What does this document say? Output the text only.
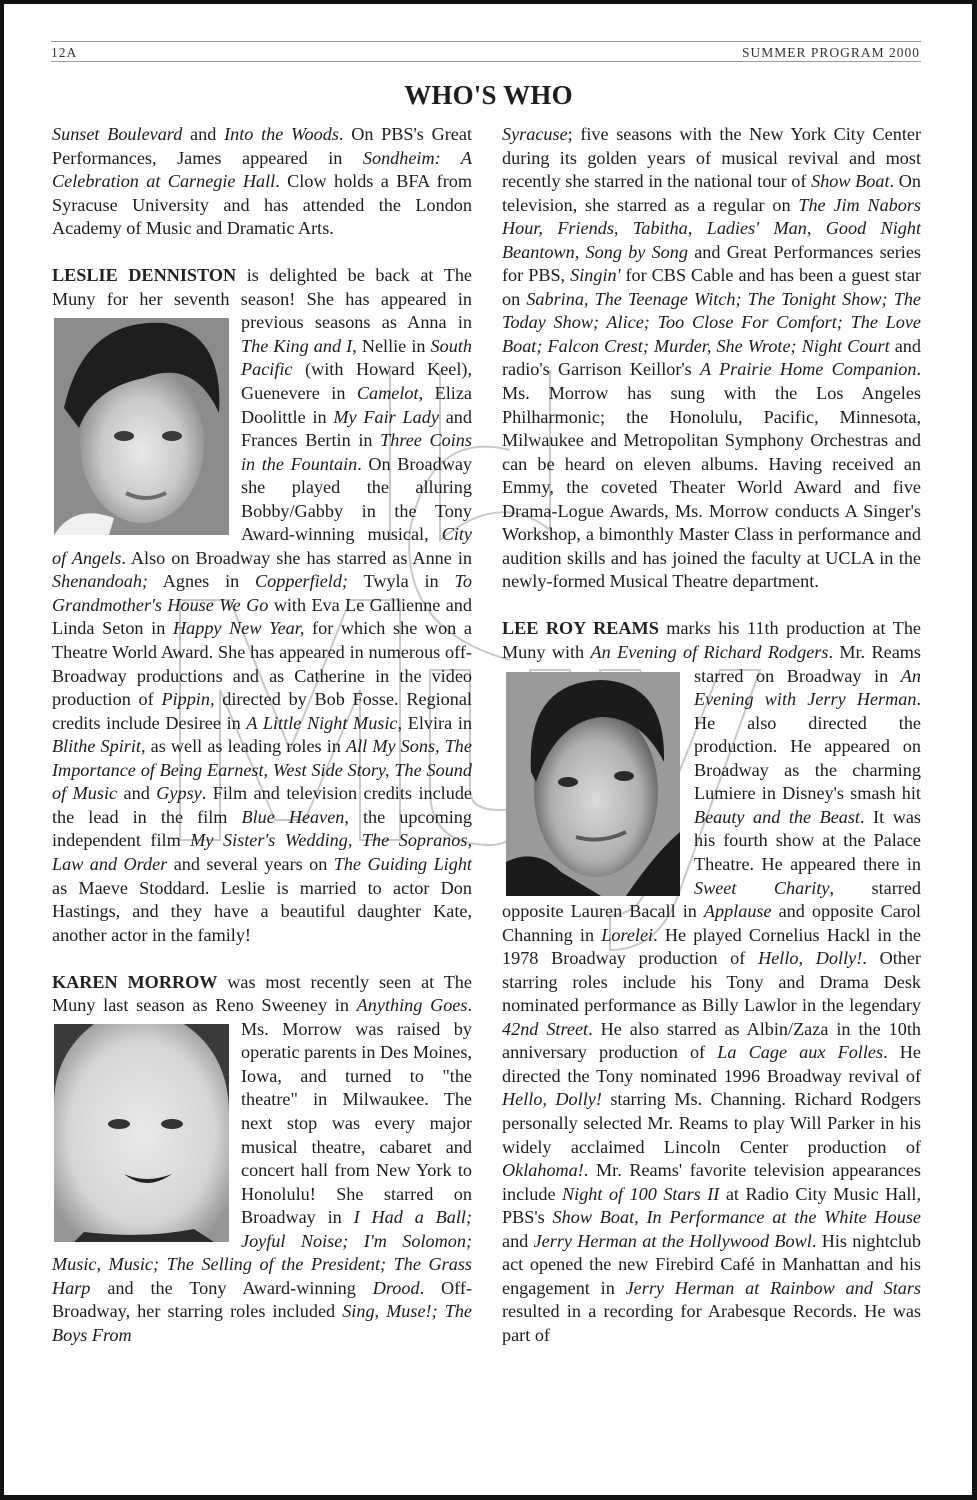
12A	SUMMER PROGRAM 2000
WHO'S WHO

Sunset Boulevard and Into the Woods. On PBS's Great Performances, James appeared in Sondheim: A Celebration at Carnegie Hall. Clow holds a BFA from Syracuse University and has attended the London Academy of Music and Dramatic Arts.

LESLIE DENNISTON is delighted be back at The Muny for her seventh season! She has appeared in previous seasons as Anna in The King and I, Nellie in South Pacific (with Howard Keel), Guenevere in Camelot, Eliza Doolittle in My Fair Lady and Frances Bertin in Three Coins in the Fountain. On Broadway she played the alluring Bobby/Gabby in the Tony Award-winning musical, City of Angels. Also on Broadway she has starred as Anne in Shenandoah; Agnes in Copperfield; Twyla in To Grandmother's House We Go with Eva Le Gallienne and Linda Seton in Happy New Year, for which she won a Theatre World Award. She has appeared in numerous off-Broadway productions and as Catherine in the video production of Pippin, directed by Bob Fosse. Regional credits include Desiree in A Little Night Music, Elvira in Blithe Spirit, as well as leading roles in All My Sons, The Importance of Being Earnest, West Side Story, The Sound of Music and Gypsy. Film and television credits include the lead in the film Blue Heaven, the upcoming independent film My Sister's Wedding, The Sopranos, Law and Order and several years on The Guiding Light as Maeve Stoddard. Leslie is married to actor Don Hastings, and they have a beautiful daughter Kate, another actor in the family!

KAREN MORROW was most recently seen at The Muny last season as Reno Sweeney in Anything Goes. Ms. Morrow was raised by operatic parents in Des Moines, Iowa, and turned to "the theatre" in Milwaukee. The next stop was every major musical theatre, cabaret and concert hall from New York to Honolulu! She starred on Broadway in I Had a Ball; Joyful Noise; I'm Solomon; Music, Music; The Selling of the President; The Grass Harp and the Tony Award-winning Drood. Off-Broadway, her starring roles included Sing, Muse!; The Boys From

Syracuse; five seasons with the New York City Center during its golden years of musical revival and most recently she starred in the national tour of Show Boat. On television, she starred as a regular on The Jim Nabors Hour, Friends, Tabitha, Ladies' Man, Good Night Beantown, Song by Song and Great Performances series for PBS, Singin' for CBS Cable and has been a guest star on Sabrina, The Teenage Witch; The Tonight Show; The Today Show; Alice; Too Close For Comfort; The Love Boat; Falcon Crest; Murder, She Wrote; Night Court and radio's Garrison Keillor's A Prairie Home Companion. Ms. Morrow has sung with the Los Angeles Philharmonic; the Honolulu, Pacific, Minnesota, Milwaukee and Metropolitan Symphony Orchestras and can be heard on eleven albums. Having received an Emmy, the coveted Theater World Award and five Drama-Logue Awards, Ms. Morrow conducts A Singer's Workshop, a bimonthly Master Class in performance and audition skills and has joined the faculty at UCLA in the newly-formed Musical Theatre department.

LEE ROY REAMS marks his 11th production at The Muny with An Evening of Richard Rodgers. Mr. Reams starred on Broadway in An Evening with Jerry Herman. He also directed the production. He appeared on Broadway as the charming Lumiere in Disney's smash hit Beauty and the Beast. It was his fourth show at the Palace Theatre. He appeared there in Sweet Charity, starred opposite Lauren Bacall in Applause and opposite Carol Channing in Lorelei. He played Cornelius Hackl in the 1978 Broadway production of Hello, Dolly!. Other starring roles include his Tony and Drama Desk nominated performance as Billy Lawlor in the legendary 42nd Street. He also starred as Albin/Zaza in the 10th anniversary production of La Cage aux Folles. He directed the Tony nominated 1996 Broadway revival of Hello, Dolly! starring Ms. Channing. Richard Rodgers personally selected Mr. Reams to play Will Parker in his widely acclaimed Lincoln Center production of Oklahoma!. Mr. Reams' favorite television appearances include Night of 100 Stars II at Radio City Music Hall, PBS's Show Boat, In Performance at the White House and Jerry Herman at the Hollywood Bowl. His nightclub act opened the new Firebird Café in Manhattan and his engagement in Jerry Herman at Rainbow and Stars resulted in a recording for Arabesque Records. He was part of
